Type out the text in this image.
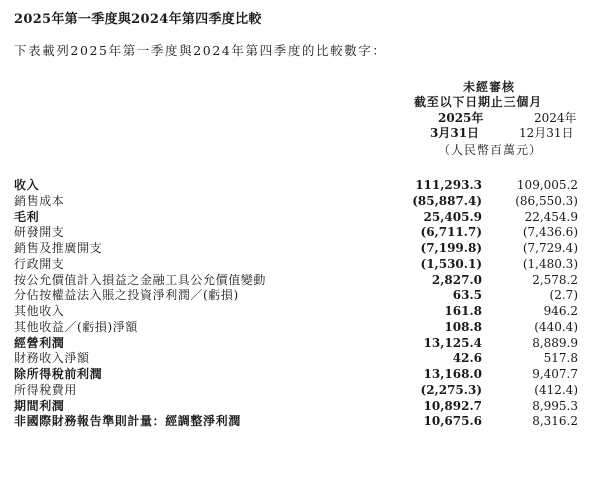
2025年第一季度與2024年第四季度比較
下表載列2025年第一季度與2024年第四季度的比較數字：
未經審核
截至以下日期止三個月
2025年	2024年
3月31日	12月31日
（人民幣百萬元）
收入	111,293.3	109,005.2
銷售成本	(85,887.4)	(86,550.3)
毛利	25,405.9	22,454.9
研發開支	(6,711.7)	(7,436.6)
銷售及推廣開支	(7,199.8)	(7,729.4)
行政開支	(1,530.1)	(1,480.3)
按公允價值計入損益之金融工具公允價值變動	2,827.0	2,578.2
分佔按權益法入賬之投資淨利潤／(虧損)	63.5	(2.7)
其他收入	161.8	946.2
其他收益／(虧損)淨額	108.8	(440.4)
經營利潤	13,125.4	8,889.9
財務收入淨額	42.6	517.8
除所得稅前利潤	13,168.0	9,407.7
所得稅費用	(2,275.3)	(412.4)
期間利潤	10,892.7	8,995.3
非國際財務報告準則計量：經調整淨利潤	10,675.6	8,316.2
